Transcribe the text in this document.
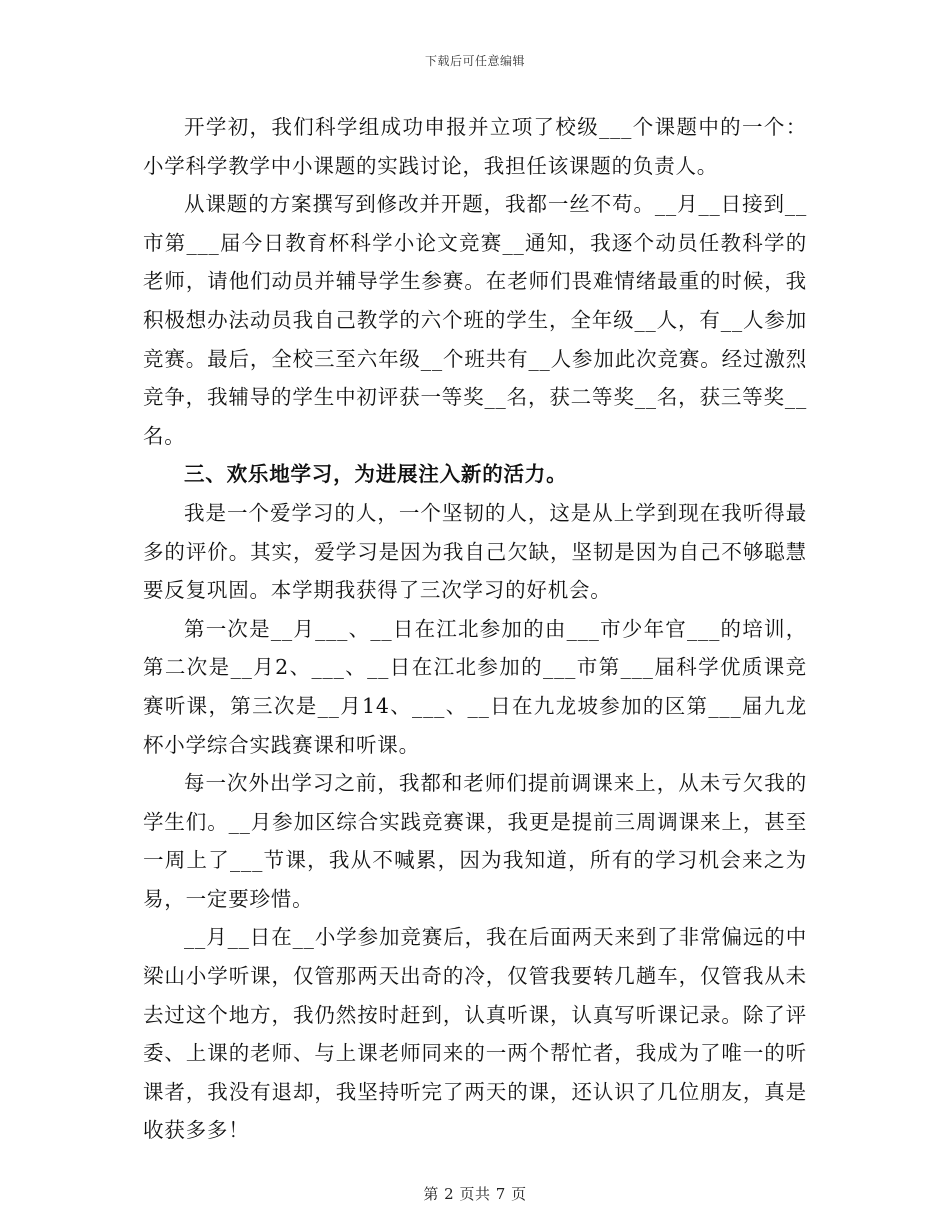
下载后可任意编辑

开学初，我们科学组成功申报并立项了校级___个课题中的一个：小学科学教学中小课题的实践讨论，我担任该课题的负责人。

从课题的方案撰写到修改并开题，我都一丝不苟。__月__日接到__市第___届今日教育杯科学小论文竞赛__通知，我逐个动员任教科学的老师，请他们动员并辅导学生参赛。在老师们畏难情绪最重的时候，我积极想办法动员我自己教学的六个班的学生，全年级__人，有__人参加竞赛。最后，全校三至六年级__个班共有__人参加此次竞赛。经过激烈竞争，我辅导的学生中初评获一等奖__名，获二等奖__名，获三等奖__名。

三、欢乐地学习，为进展注入新的活力。

我是一个爱学习的人，一个坚韧的人，这是从上学到现在我听得最多的评价。其实，爱学习是因为我自己欠缺，坚韧是因为自己不够聪慧要反复巩固。本学期我获得了三次学习的好机会。

第一次是__月___、__日在江北参加的由___市少年官___的培训，第二次是__月2、___、__日在江北参加的___市第___届科学优质课竞赛听课，第三次是__月14、___、__日在九龙坡参加的区第___届九龙杯小学综合实践赛课和听课。

每一次外出学习之前，我都和老师们提前调课来上，从未亏欠我的学生们。__月参加区综合实践竞赛课，我更是提前三周调课来上，甚至一周上了___节课，我从不喊累，因为我知道，所有的学习机会来之为易，一定要珍惜。

__月__日在__小学参加竞赛后，我在后面两天来到了非常偏远的中梁山小学听课，仅管那两天出奇的冷，仅管我要转几趟车，仅管我从未去过这个地方，我仍然按时赶到，认真听课，认真写听课记录。除了评委、上课的老师、与上课老师同来的一两个帮忙者，我成为了唯一的听课者，我没有退却，我坚持听完了两天的课，还认识了几位朋友，真是收获多多！

第 2 页共 7 页
